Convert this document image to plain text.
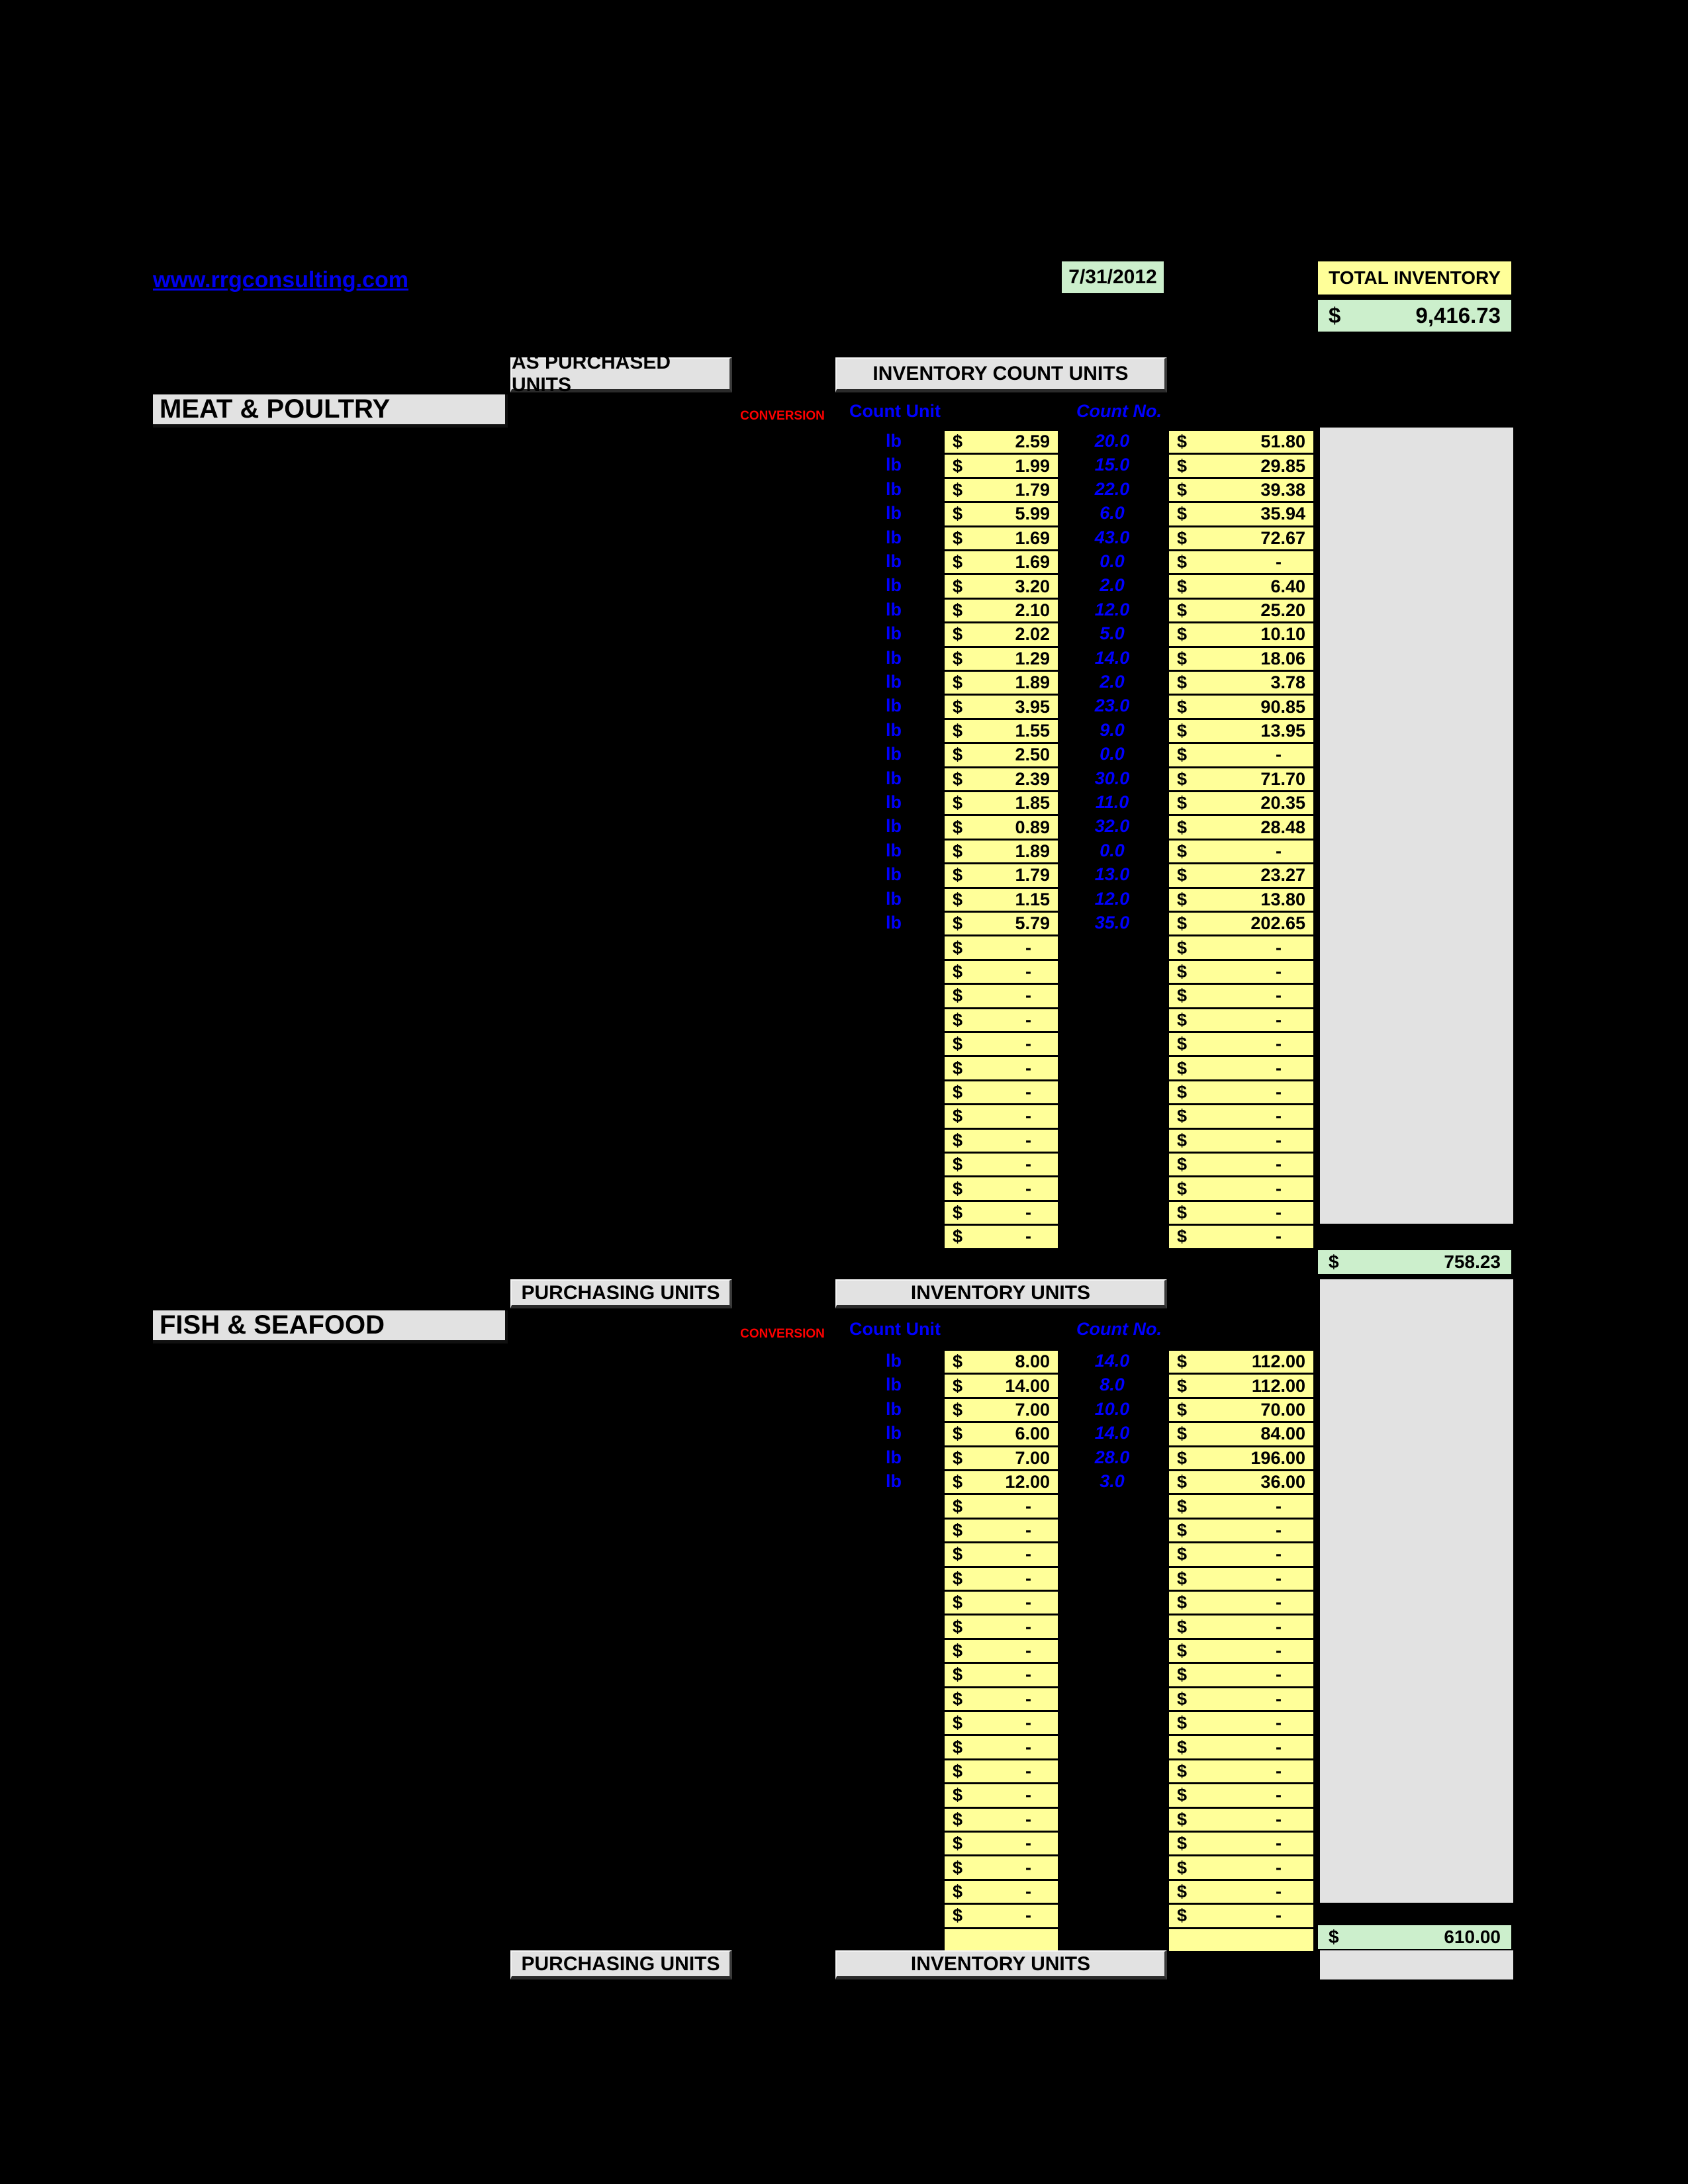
www.rrgconsulting.com	7/31/2012	TOTAL INVENTORY
$	9,416.73
AS PURCHASED UNITS
INVENTORY COUNT UNITS
MEAT & POULTRY	CONVERSION Count Unit	Count No.
lb	$	2.59	20.0	$	51.80
lb	$	1.99	15.0	$	29.85
lb	$	1.79	22.0	$	39.38
lb	$	5.99	6.0	$	35.94
lb	$	1.69	43.0	$	72.67
lb	$	1.69	0.0	$	-
lb	$	3.20	2.0	$	6.40
lb	$	2.10	12.0	$	25.20
lb	$	2.02	5.0	$	10.10
lb	$	1.29	14.0	$	18.06
lb	$	1.89	2.0	$	3.78
lb	$	3.95	23.0	$	90.85
lb	$	1.55	9.0	$	13.95
lb	$	2.50	0.0	$	-
lb	$	2.39	30.0	$	71.70
lb	$	1.85	11.0	$	20.35
lb	$	0.89	32.0	$	28.48
lb	$	1.89	0.0	$	-
lb	$	1.79	13.0	$	23.27
lb	$	1.15	12.0	$	13.80
lb	$	5.79	35.0	$	202.65
$	-	$	-
$	-	$	-
$	-	$	-
$	-	$	-
$	-	$	-
$	-	$	-
$	-	$	-
$	-	$	-
$	-	$	-
$	-	$	-
$	-	$	-
$	-	$	-
$	-	$	-
$	758.23
PURCHASING UNITS	INVENTORY UNITS
FISH & SEAFOOD	CONVERSION Count Unit	Count No.
lb	$	8.00	14.0	$	112.00
lb	$ 14.00	8.0	$	112.00
lb	$	7.00	10.0	$	70.00
lb	$	6.00	14.0	$	84.00
lb	$	7.00	28.0	$	196.00
lb	$ 12.00	3.0	$	36.00
$	-	$	-
$	-	$	-
$	-	$	-
$	-	$	-
$	-	$	-
$	-	$	-
$	-	$	-
$	-	$	-
$	-	$	-
$	-	$	-
$	-	$	-
$	-	$	-
$	-	$	-
$	-	$	-
$	-	$	-
$	-	$	-
$	-	$	-
$	-	$	-
$	610.00
PURCHASING UNITS	INVENTORY UNITS
